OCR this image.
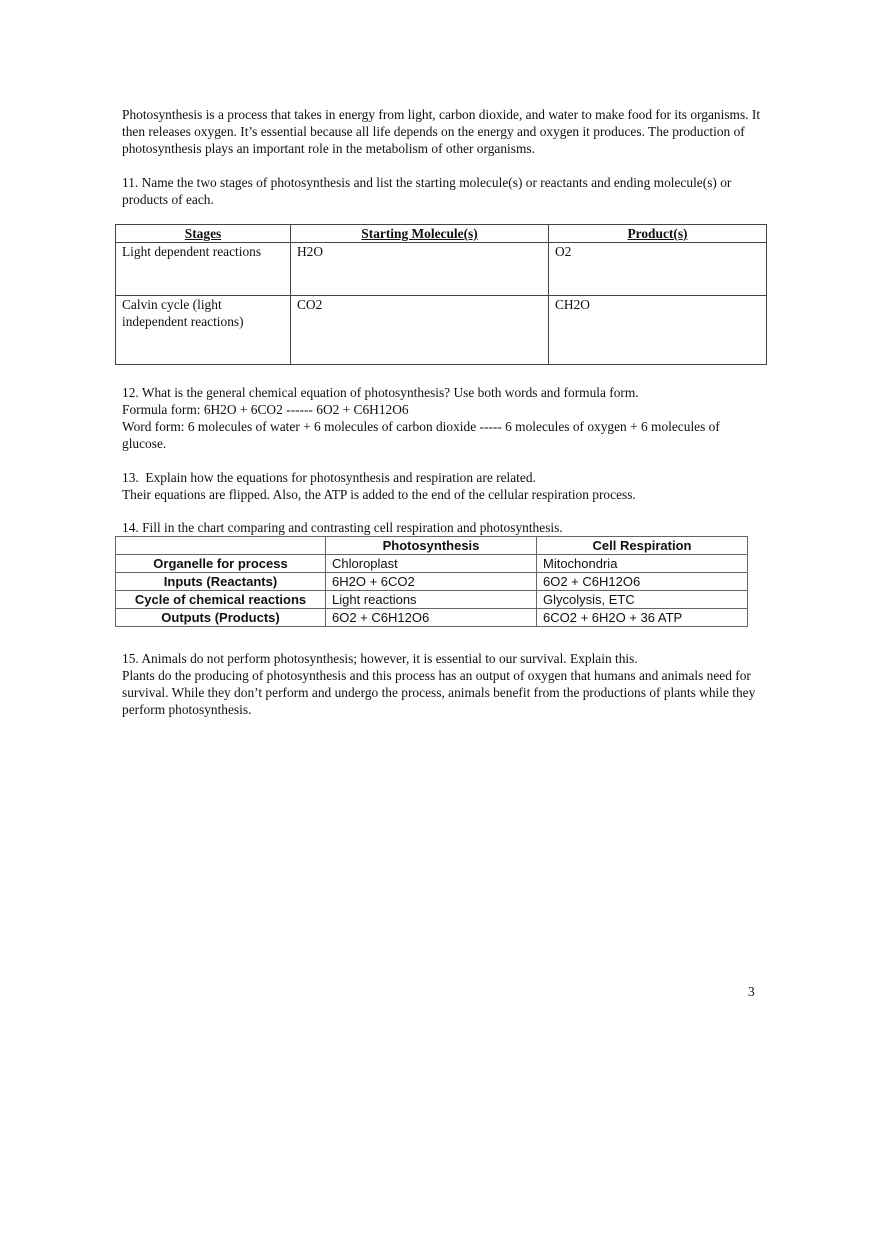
Photosynthesis is a process that takes in energy from light, carbon dioxide, and water to make food for its organisms. It then releases oxygen. It’s essential because all life depends on the energy and oxygen it produces. The production of photosynthesis plays an important role in the metabolism of other organisms.

11. Name the two stages of photosynthesis and list the starting molecule(s) or reactants and ending molecule(s) or products of each.

Stages	Starting Molecule(s)	Product(s)
Light dependent reactions	H2O	O2
Calvin cycle (light independent reactions)	CO2	CH2O

12. What is the general chemical equation of photosynthesis? Use both words and formula form.

Formula form: 6H2O + 6CO2 ------ 6O2 + C6H12O6

Word form: 6 molecules of water + 6 molecules of carbon dioxide ----- 6 molecules of oxygen + 6 molecules of glucose.

13.  Explain how the equations for photosynthesis and respiration are related.

Their equations are flipped. Also, the ATP is added to the end of the cellular respiration process.

14. Fill in the chart comparing and contrasting cell respiration and photosynthesis.

	Photosynthesis	Cell Respiration
Organelle for process	Chloroplast	Mitochondria
Inputs (Reactants)	6H2O + 6CO2	6O2 + C6H12O6
Cycle of chemical reactions	Light reactions	Glycolysis, ETC
Outputs (Products)	6O2 + C6H12O6	6CO2 + 6H2O + 36 ATP

15. Animals do not perform photosynthesis; however, it is essential to our survival. Explain this.

Plants do the producing of photosynthesis and this process has an output of oxygen that humans and animals need for survival. While they don’t perform and undergo the process, animals benefit from the productions of plants while they perform photosynthesis.

3
